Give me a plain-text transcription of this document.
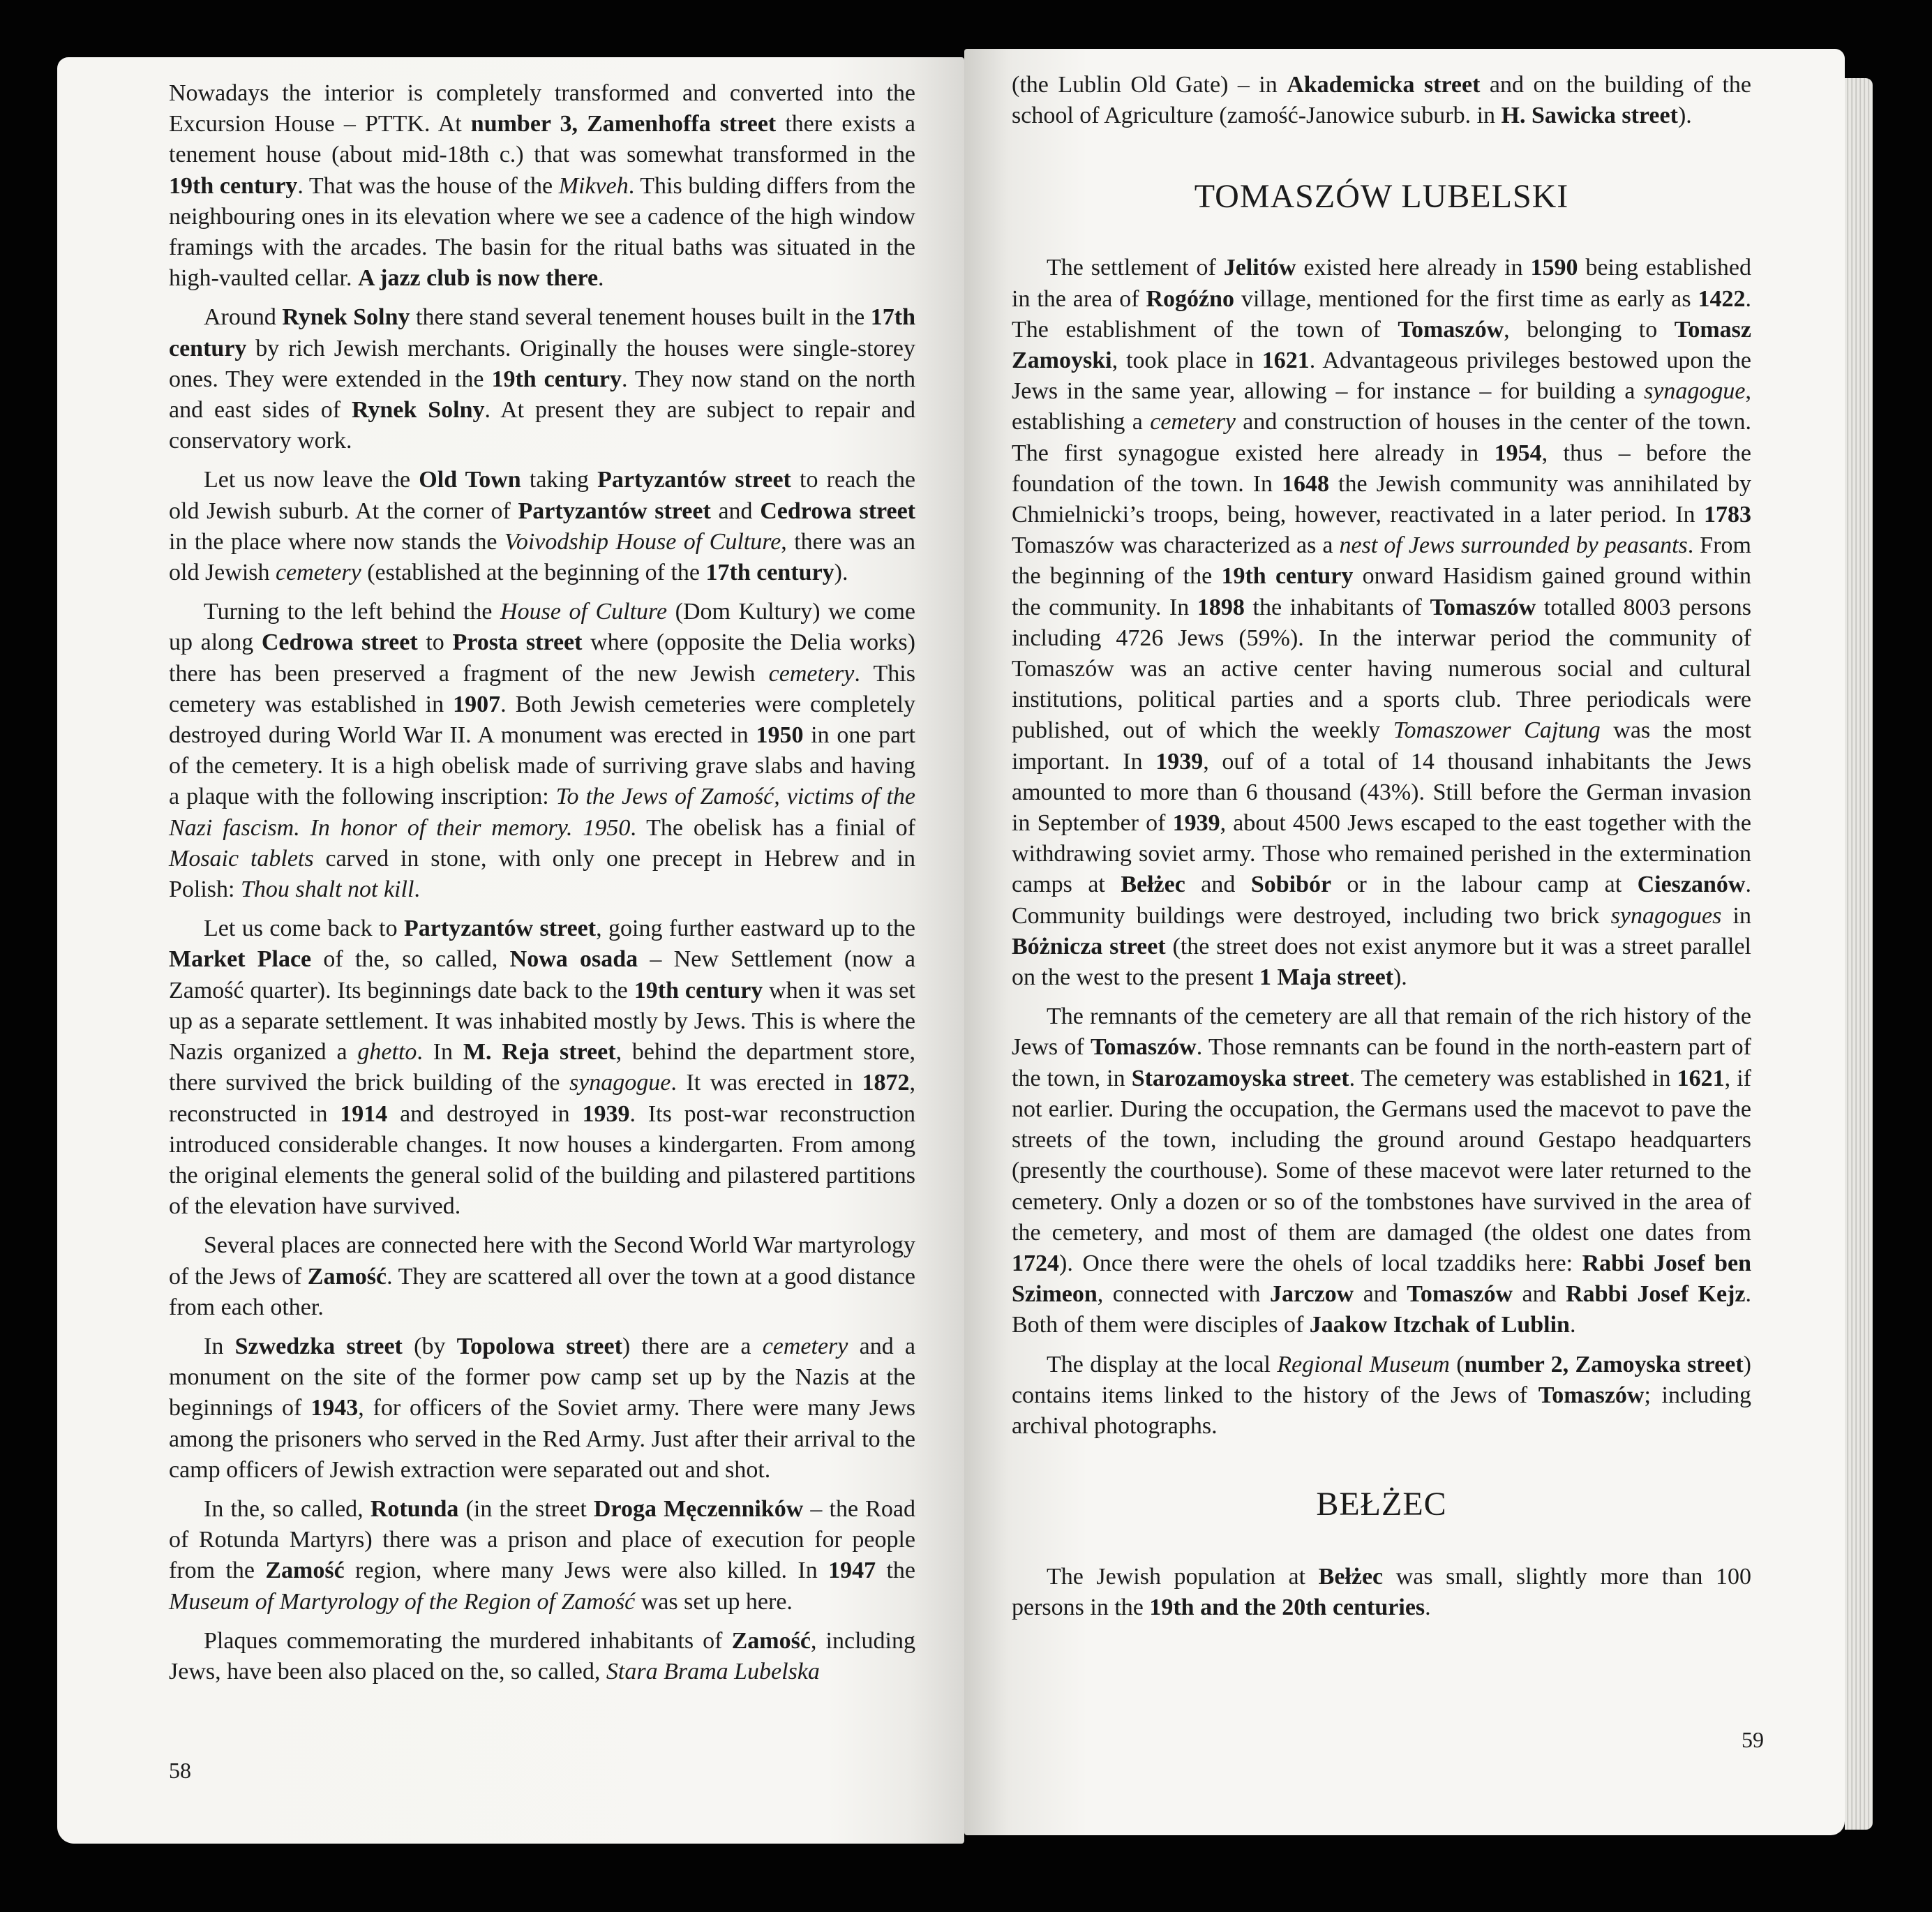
Nowadays the interior is completely transformed and converted into the Excursion House – PTTK. At number 3, Zamenhoffa street there exists a tenement house (about mid-18th c.) that was somewhat transformed in the 19th century. That was the house of the Mikveh. This bulding differs from the neighbouring ones in its elevation where we see a cadence of the high window framings with the arcades. The basin for the ritual baths was situated in the high-vaulted cellar. A jazz club is now there.

Around Rynek Solny there stand several tenement houses built in the 17th century by rich Jewish merchants. Originally the houses were single-storey ones. They were extended in the 19th century. They now stand on the north and east sides of Rynek Solny. At present they are subject to repair and conservatory work.

Let us now leave the Old Town taking Partyzantów street to reach the old Jewish suburb. At the corner of Partyzantów street and Cedrowa street in the place where now stands the Voivodship House of Culture, there was an old Jewish cemetery (established at the beginning of the 17th century).

Turning to the left behind the House of Culture (Dom Kultury) we come up along Cedrowa street to Prosta street where (opposite the Delia works) there has been preserved a fragment of the new Jewish cemetery. This cemetery was established in 1907. Both Jewish cemeteries were completely destroyed during World War II. A monument was erected in 1950 in one part of the cemetery. It is a high obelisk made of surriving grave slabs and having a plaque with the following inscription: To the Jews of Zamość, victims of the Nazi fascism. In honor of their memory. 1950. The obelisk has a finial of Mosaic tablets carved in stone, with only one precept in Hebrew and in Polish: Thou shalt not kill.

Let us come back to Partyzantów street, going further eastward up to the Market Place of the, so called, Nowa osada – New Settlement (now a Zamość quarter). Its beginnings date back to the 19th century when it was set up as a separate settlement. It was inhabited mostly by Jews. This is where the Nazis organized a ghetto. In M. Reja street, behind the department store, there survived the brick building of the synagogue. It was erected in 1872, reconstructed in 1914 and destroyed in 1939. Its post-war reconstruction introduced considerable changes. It now houses a kindergarten. From among the original elements the general solid of the building and pilastered partitions of the elevation have survived.

Several places are connected here with the Second World War martyrology of the Jews of Zamość. They are scattered all over the town at a good distance from each other.

In Szwedzka street (by Topolowa street) there are a cemetery and a monument on the site of the former pow camp set up by the Nazis at the beginnings of 1943, for officers of the Soviet army. There were many Jews among the prisoners who served in the Red Army. Just after their arrival to the camp officers of Jewish extraction were separated out and shot.

In the, so called, Rotunda (in the street Droga Męczenników – the Road of Rotunda Martyrs) there was a prison and place of execution for people from the Zamość region, where many Jews were also killed. In 1947 the Museum of Martyrology of the Region of Zamość was set up here.

Plaques commemorating the murdered inhabitants of Zamość, including Jews, have been also placed on the, so called, Stara Brama Lubelska

58

(the Lublin Old Gate) – in Akademicka street and on the building of the school of Agriculture (zamość-Janowice suburb. in H. Sawicka street).

TOMASZÓW LUBELSKI

The settlement of Jelitów existed here already in 1590 being established in the area of Rogóźno village, mentioned for the first time as early as 1422. The establishment of the town of Tomaszów, belonging to Tomasz Zamoyski, took place in 1621. Advantageous privileges bestowed upon the Jews in the same year, allowing – for instance – for building a synagogue, establishing a cemetery and construction of houses in the center of the town. The first synagogue existed here already in 1954, thus – before the foundation of the town. In 1648 the Jewish community was annihilated by Chmielnicki’s troops, being, however, reactivated in a later period. In 1783 Tomaszów was characterized as a nest of Jews surrounded by peasants. From the beginning of the 19th century onward Hasidism gained ground within the community. In 1898 the inhabitants of Tomaszów totalled 8003 persons including 4726 Jews (59%). In the interwar period the community of Tomaszów was an active center having numerous social and cultural institutions, political parties and a sports club. Three periodicals were published, out of which the weekly Tomaszower Cajtung was the most important. In 1939, ouf of a total of 14 thousand inhabitants the Jews amounted to more than 6 thousand (43%). Still before the German invasion in September of 1939, about 4500 Jews escaped to the east together with the withdrawing soviet army. Those who remained perished in the extermination camps at Bełżec and Sobibór or in the labour camp at Cieszanów. Community buildings were destroyed, including two brick synagogues in Bóżnicza street (the street does not exist anymore but it was a street parallel on the west to the present 1 Maja street).

The remnants of the cemetery are all that remain of the rich history of the Jews of Tomaszów. Those remnants can be found in the north-eastern part of the town, in Starozamoyska street. The cemetery was established in 1621, if not earlier. During the occupation, the Germans used the macevot to pave the streets of the town, including the ground around Gestapo headquarters (presently the courthouse). Some of these macevot were later returned to the cemetery. Only a dozen or so of the tombstones have survived in the area of the cemetery, and most of them are damaged (the oldest one dates from 1724). Once there were the ohels of local tzaddiks here: Rabbi Josef ben Szimeon, connected with Jarczow and Tomaszów and Rabbi Josef Kejz. Both of them were disciples of Jaakow Itzchak of Lublin.

The display at the local Regional Museum (number 2, Zamoyska street) contains items linked to the history of the Jews of Tomaszów; including archival photographs.

BEŁŻEC

The Jewish population at Bełżec was small, slightly more than 100 persons in the 19th and the 20th centuries.

59
